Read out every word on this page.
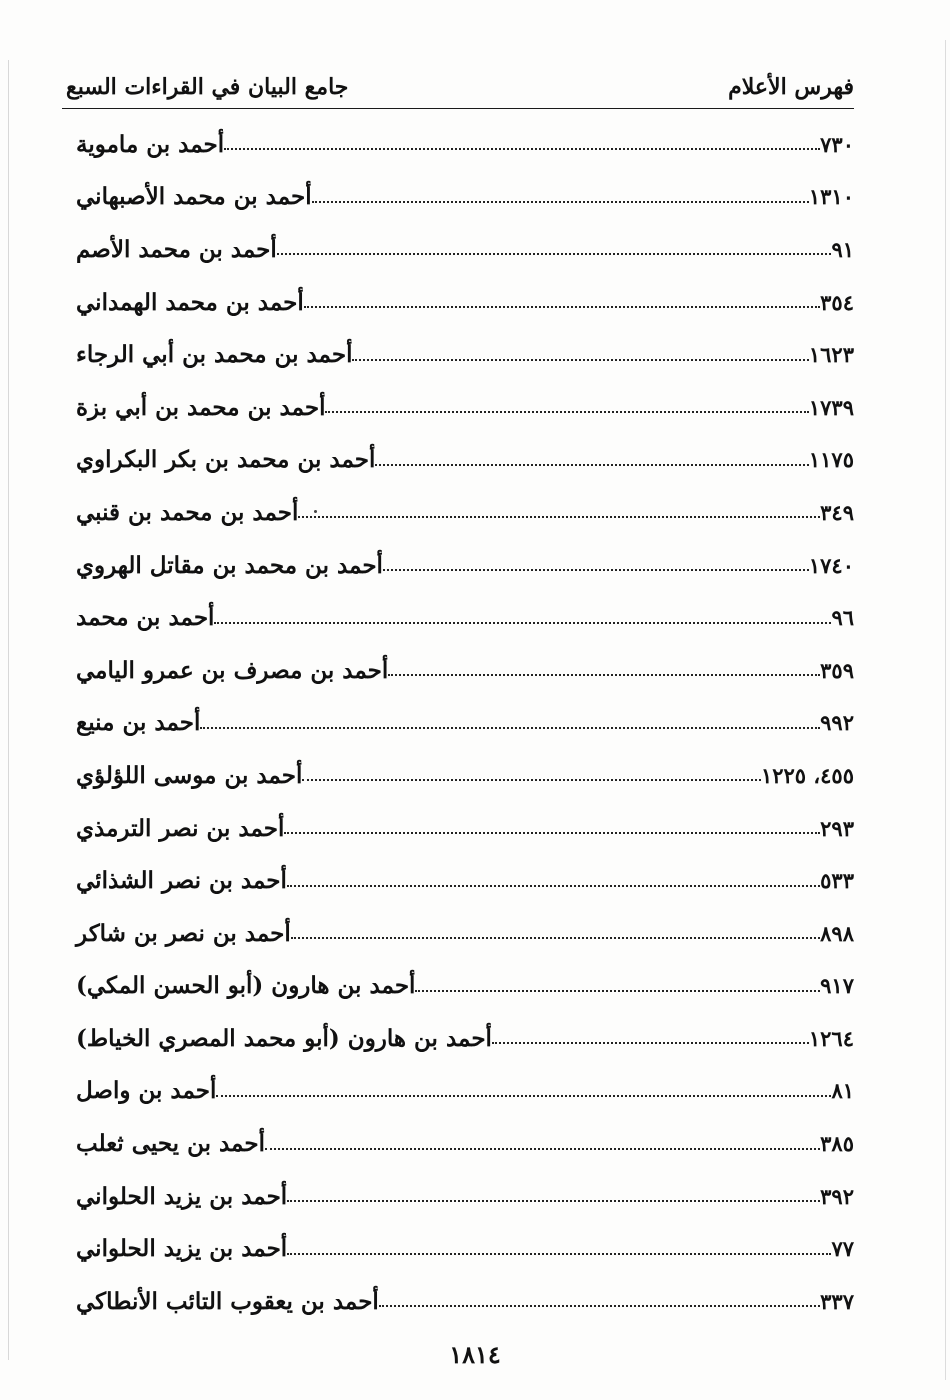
فهرس الأعلام
جامع البيان في القراءات السبع
أحمد بن ماموية	٧٣٠
أحمد بن محمد الأصبهاني	١٣١٠
أحمد بن محمد الأصم	٩١
أحمد بن محمد الهمداني	٣٥٤
أحمد بن محمد بن أبي الرجاء	١٦٢٣
أحمد بن محمد بن أبي بزة	١٧٣٩
أحمد بن محمد بن بكر البكراوي	١١٧٥
أحمد بن محمد بن قنبي	٣٤٩
أحمد بن محمد بن مقاتل الهروي	١٧٤٠
أحمد بن محمد	٩٦
أحمد بن مصرف بن عمرو اليامي	٣٥٩
أحمد بن منيع	٩٩٢
أحمد بن موسى اللؤلؤي	٤٥٥، ١٢٢٥
أحمد بن نصر الترمذي	٢٩٣
أحمد بن نصر الشذائي	٥٣٣
أحمد بن نصر بن شاكر	٨٩٨
أحمد بن هارون (أبو الحسن المكي)	٩١٧
أحمد بن هارون (أبو محمد المصري الخياط)	١٢٦٤
أحمد بن واصل	٨١
أحمد بن يحيى ثعلب	٣٨٥
أحمد بن يزيد الحلواني	٣٩٢
أحمد بن يزيد الحلواني	٧٧
أحمد بن يعقوب التائب الأنطاكي	٣٣٧
١٨١٤
